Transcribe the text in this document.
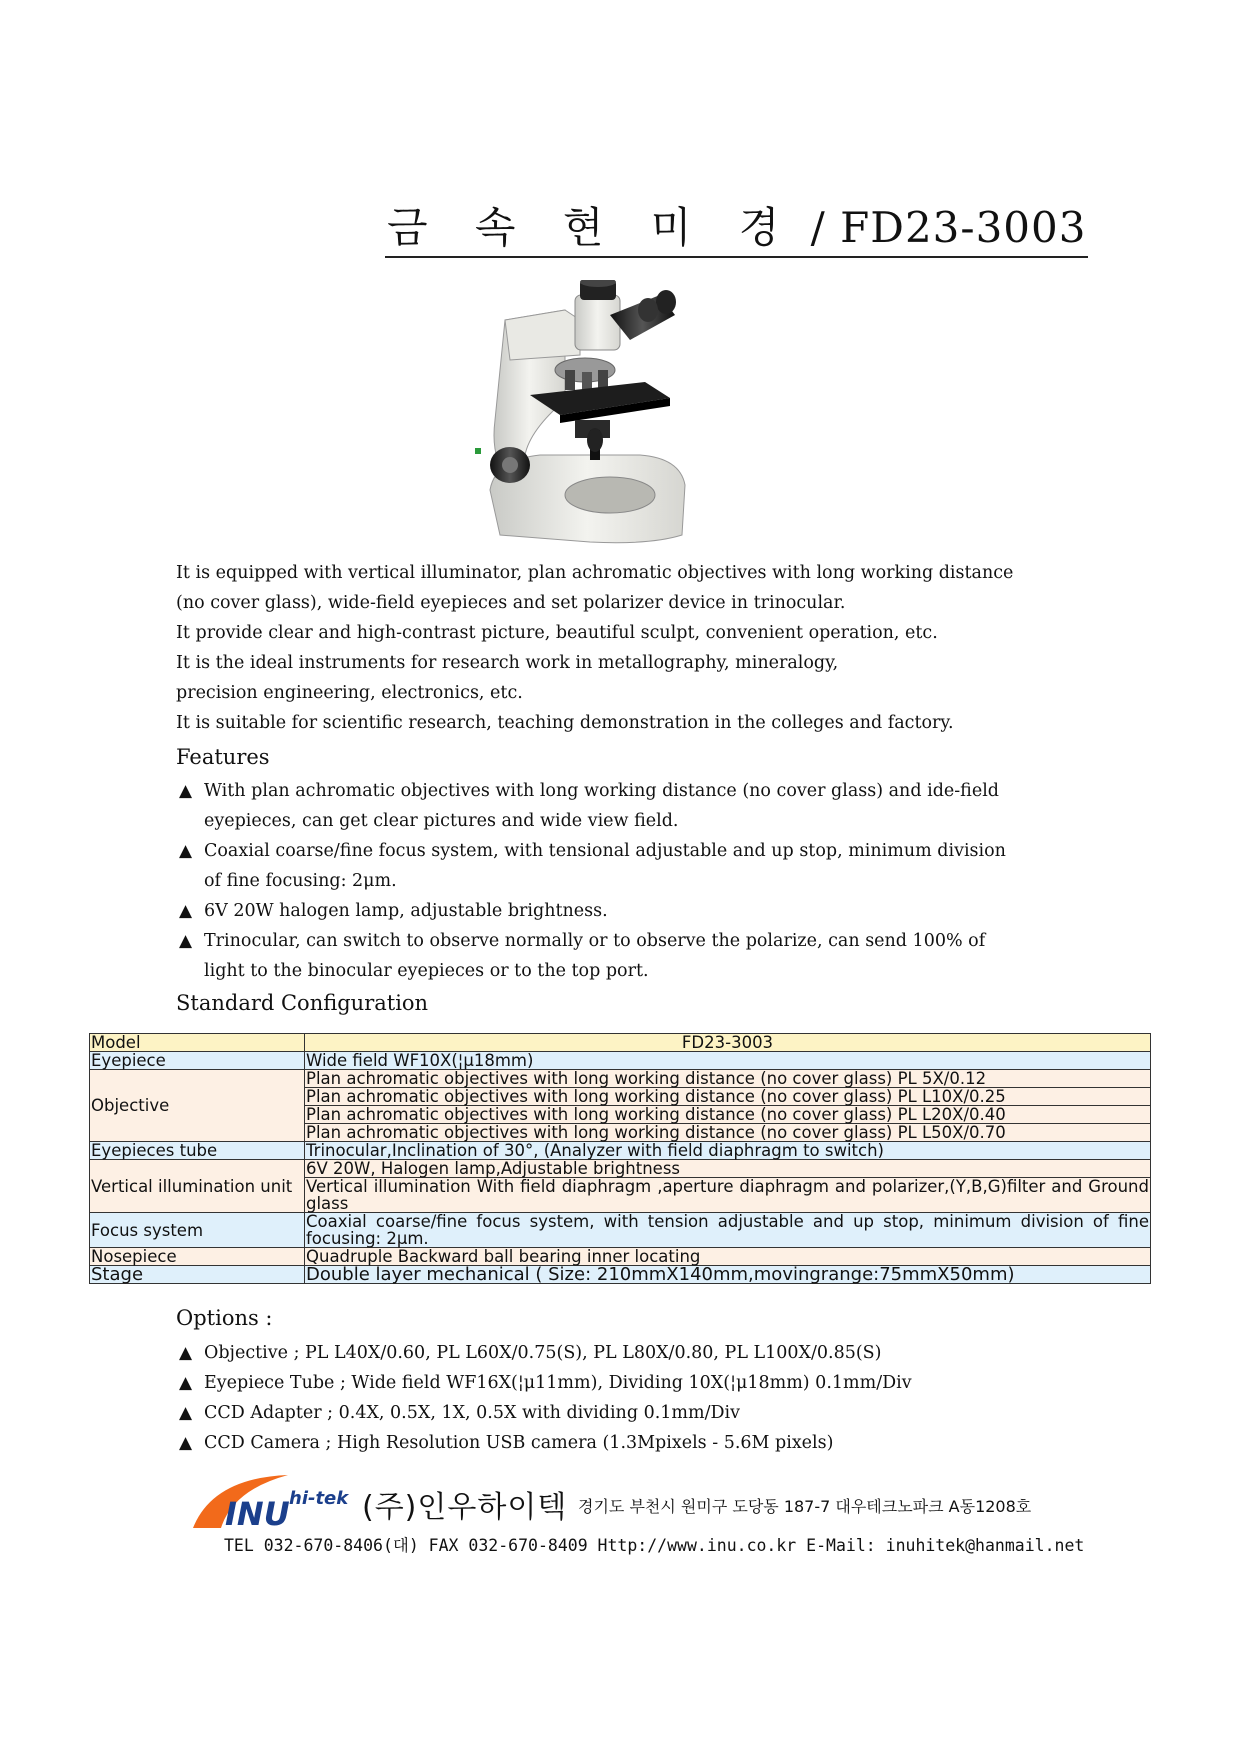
금 속 현 미 경 / FD23-3003

It is equipped with vertical illuminator, plan achromatic objectives with long working distance

(no cover glass), wide-field eyepieces and set polarizer device in trinocular.

It provide clear and high-contrast picture, beautiful sculpt, convenient operation, etc.

It is the ideal instruments for research work in metallography, mineralogy,

precision engineering, electronics, etc.

It is suitable for scientific research, teaching demonstration in the colleges and factory.

Features
▲ With plan achromatic objectives with long working distance (no cover glass) and ide-field
eyepieces, can get clear pictures and wide view field.
▲ Coaxial coarse/fine focus system, with tensional adjustable and up stop, minimum division
of fine focusing: 2μm.
▲ 6V 20W halogen lamp, adjustable brightness.
▲ Trinocular, can switch to observe normally or to observe the polarize, can send 100% of
light to the binocular eyepieces or to the top port.
Standard Configuration
Model	FD23-3003
Eyepiece	Wide field WF10X(¦μ18mm)
Objective	Plan achromatic objectives with long working distance (no cover glass) PL 5X/0.12
	Plan achromatic objectives with long working distance (no cover glass) PL L10X/0.25
	Plan achromatic objectives with long working distance (no cover glass) PL L20X/0.40
	Plan achromatic objectives with long working distance (no cover glass) PL L50X/0.70
Eyepieces tube	Trinocular,Inclination of 30°, (Analyzer with field diaphragm to switch)
Vertical illumination unit	6V 20W, Halogen lamp,Adjustable brightness
	Vertical illumination With field diaphragm ,aperture diaphragm and polarizer,(Y,B,G)filter and Ground glass
Focus system	Coaxial coarse/fine focus system, with tension adjustable and up stop, minimum division of fine focusing: 2μm.
Nosepiece	Quadruple Backward ball bearing inner locating
Stage	Double layer mechanical ( Size: 210mmX140mm,movingrange:75mmX50mm)
Options :
▲ Objective ; PL L40X/0.60, PL L60X/0.75(S), PL L80X/0.80, PL L100X/0.85(S)
▲ Eyepiece Tube ; Wide field WF16X(¦μ11mm), Dividing 10X(¦μ18mm) 0.1mm/Div
▲ CCD Adapter ; 0.4X, 0.5X, 1X, 0.5X with dividing 0.1mm/Div
▲ CCD Camera ; High Resolution USB camera (1.3Mpixels - 5.6M pixels)
INU hi-tek (주)인우하이텍 경기도 부천시 원미구 도당동 187-7 대우테크노파크 A동1208호
TEL 032-670-8406(대) FAX 032-670-8409 Http://www.inu.co.kr E-Mail: inuhitek@hanmail.net
